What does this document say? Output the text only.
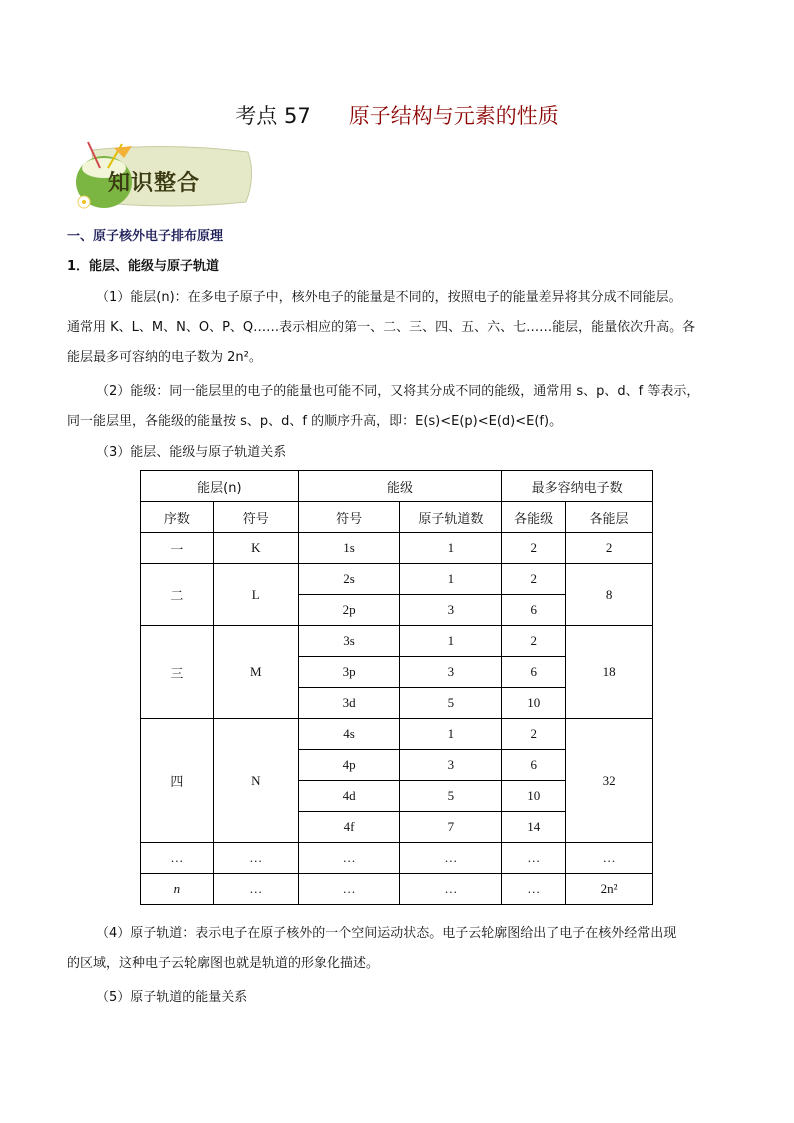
考点 57 原子结构与元素的性质
知识整合
一、原子核外电子排布原理
1．能层、能级与原子轨道
（1）能层(n)：在多电子原子中，核外电子的能量是不同的，按照电子的能量差异将其分成不同能层。
通常用 K、L、M、N、O、P、Q……表示相应的第一、二、三、四、五、六、七……能层，能量依次升高。各
能层最多可容纳的电子数为 2n²。
（2）能级：同一能层里的电子的能量也可能不同，又将其分成不同的能级，通常用 s、p、d、f 等表示，
同一能层里，各能级的能量按 s、p、d、f 的顺序升高，即：E(s)<E(p)<E(d)<E(f)。
（3）能层、能级与原子轨道关系
能层(n)		能级		最多容纳电子数	
序数	符号	符号	原子轨道数	各能级	各能层
一	K	1s	1	2	2
二	L	2s	1	2	8
		2p	3	6	
三	M	3s	1	2	18
		3p	3	6	
		3d	5	10	
四	N	4s	1	2	32
		4p	3	6	
		4d	5	10	
		4f	7	14	
…	…	…	…	…	…
n	…	…	…	…	2n²
（4）原子轨道：表示电子在原子核外的一个空间运动状态。电子云轮廓图给出了电子在核外经常出现
的区域，这种电子云轮廓图也就是轨道的形象化描述。
（5）原子轨道的能量关系
